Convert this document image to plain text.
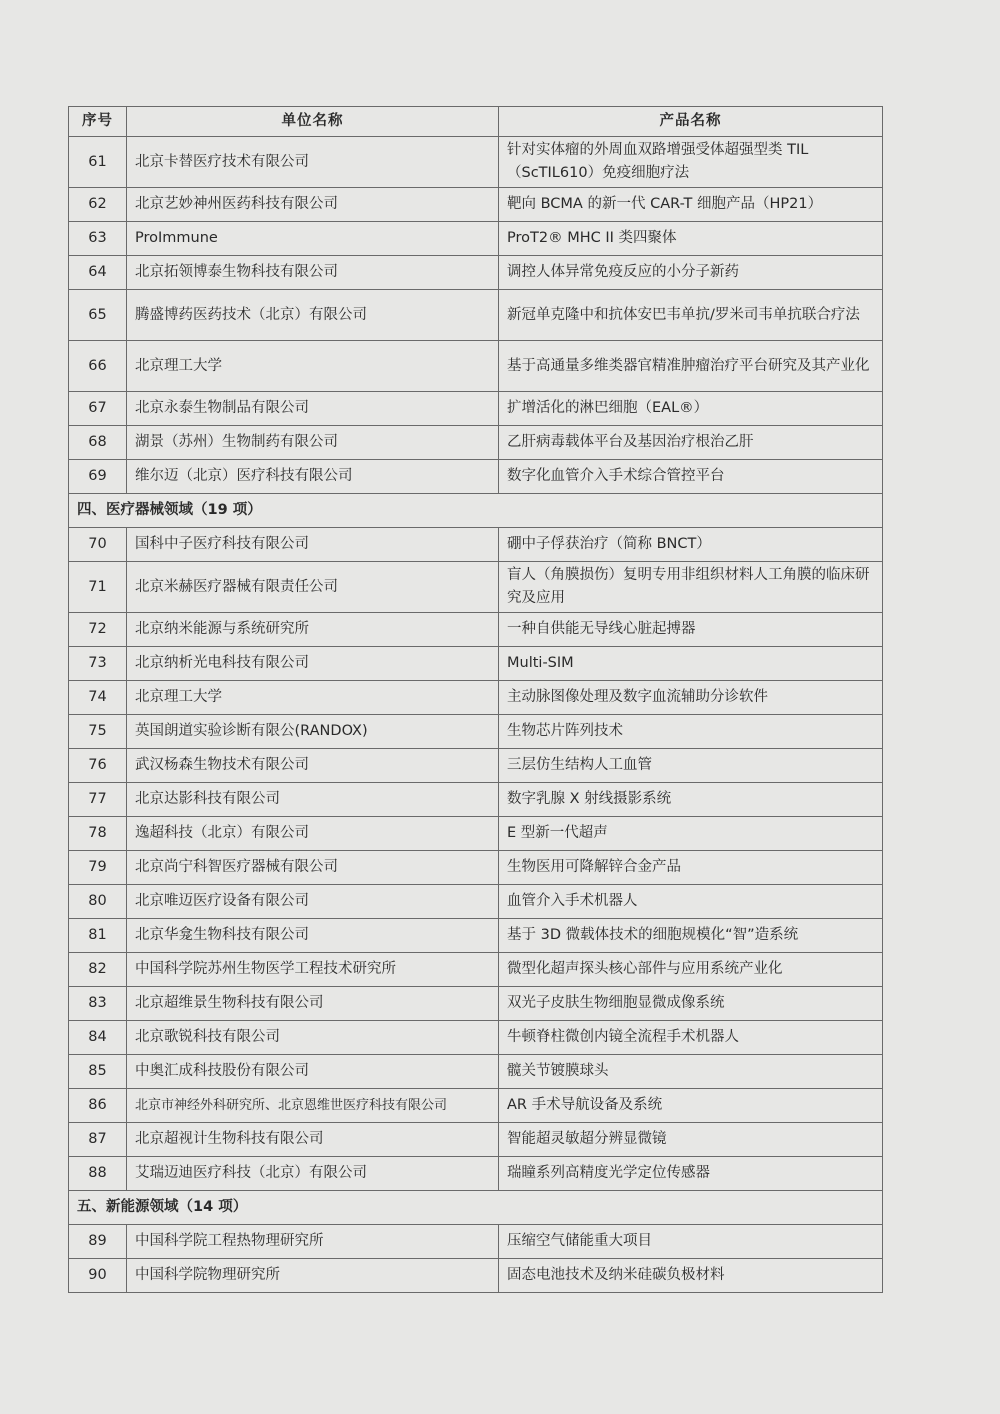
序号	单位名称	产品名称
61	北京卡替医疗技术有限公司	针对实体瘤的外周血双路增强受体超强型类 TIL（ScTIL610）免疫细胞疗法
62	北京艺妙神州医药科技有限公司	靶向 BCMA 的新一代 CAR-T 细胞产品（HP21）
63	ProImmune	ProT2® MHC II 类四聚体
64	北京拓领博泰生物科技有限公司	调控人体异常免疫反应的小分子新药
65	腾盛博药医药技术（北京）有限公司	新冠单克隆中和抗体安巴韦单抗/罗米司韦单抗联合疗法
66	北京理工大学	基于高通量多维类器官精准肿瘤治疗平台研究及其产业化
67	北京永泰生物制品有限公司	扩增活化的淋巴细胞（EAL®）
68	湖景（苏州）生物制药有限公司	乙肝病毒载体平台及基因治疗根治乙肝
69	维尔迈（北京）医疗科技有限公司	数字化血管介入手术综合管控平台
四、医疗器械领域（19 项）		
70	国科中子医疗科技有限公司	硼中子俘获治疗（简称 BNCT）
71	北京米赫医疗器械有限责任公司	盲人（角膜损伤）复明专用非组织材料人工角膜的临床研究及应用
72	北京纳米能源与系统研究所	一种自供能无导线心脏起搏器
73	北京纳析光电科技有限公司	Multi-SIM
74	北京理工大学	主动脉图像处理及数字血流辅助分诊软件
75	英国朗道实验诊断有限公(RANDOX)	生物芯片阵列技术
76	武汉杨森生物技术有限公司	三层仿生结构人工血管
77	北京达影科技有限公司	数字乳腺 X 射线摄影系统
78	逸超科技（北京）有限公司	E 型新一代超声
79	北京尚宁科智医疗器械有限公司	生物医用可降解锌合金产品
80	北京唯迈医疗设备有限公司	血管介入手术机器人
81	北京华龛生物科技有限公司	基于 3D 微载体技术的细胞规模化“智”造系统
82	中国科学院苏州生物医学工程技术研究所	微型化超声探头核心部件与应用系统产业化
83	北京超维景生物科技有限公司	双光子皮肤生物细胞显微成像系统
84	北京歌锐科技有限公司	牛顿脊柱微创内镜全流程手术机器人
85	中奥汇成科技股份有限公司	髋关节镀膜球头
86	北京市神经外科研究所、北京恩维世医疗科技有限公司	AR 手术导航设备及系统
87	北京超视计生物科技有限公司	智能超灵敏超分辨显微镜
88	艾瑞迈迪医疗科技（北京）有限公司	瑞瞳系列高精度光学定位传感器
五、新能源领域（14 项）		
89	中国科学院工程热物理研究所	压缩空气储能重大项目
90	中国科学院物理研究所	固态电池技术及纳米硅碳负极材料
